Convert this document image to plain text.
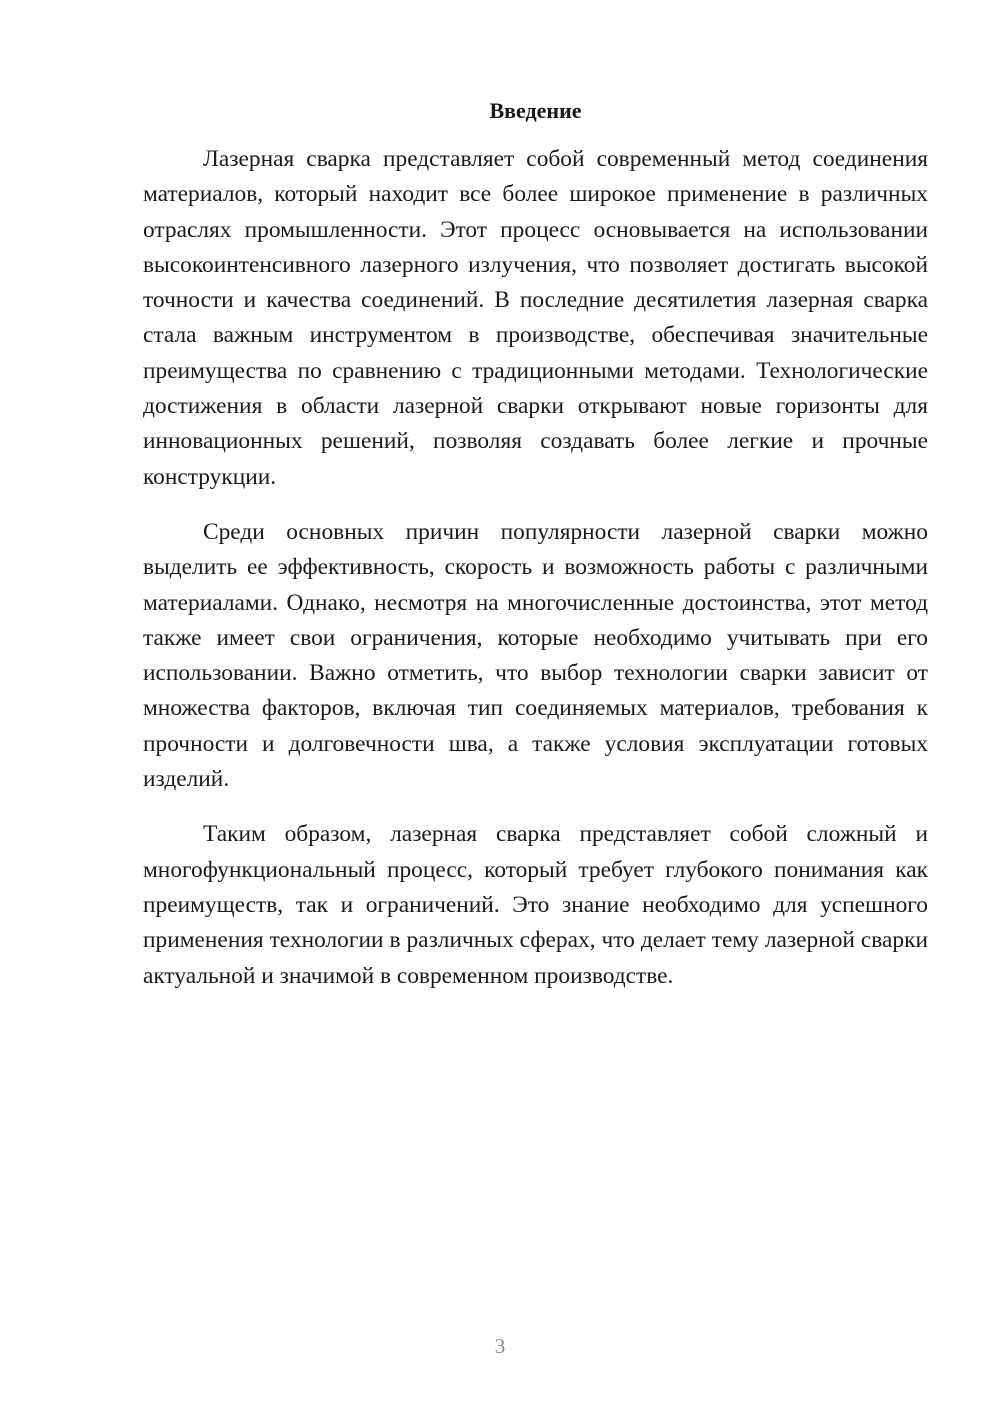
Введение

Лазерная сварка представляет собой современный метод соединения материалов, который находит все более широкое применение в различных отраслях промышленности. Этот процесс основывается на использовании высокоинтенсивного лазерного излучения, что позволяет достигать высокой точности и качества соединений. В последние десятилетия лазерная сварка стала важным инструментом в производстве, обеспечивая значительные преимущества по сравнению с традиционными методами. Технологические достижения в области лазерной сварки открывают новые горизонты для инновационных решений, позволяя создавать более легкие и прочные конструкции.

Среди основных причин популярности лазерной сварки можно выделить ее эффективность, скорость и возможность работы с различными материалами. Однако, несмотря на многочисленные достоинства, этот метод также имеет свои ограничения, которые необходимо учитывать при его использовании. Важно отметить, что выбор технологии сварки зависит от множества факторов, включая тип соединяемых материалов, требования к прочности и долговечности шва, а также условия эксплуатации готовых изделий.

Таким образом, лазерная сварка представляет собой сложный и многофункциональный процесс, который требует глубокого понимания как преимуществ, так и ограничений. Это знание необходимо для успешного применения технологии в различных сферах, что делает тему лазерной сварки актуальной и значимой в современном производстве.

3
